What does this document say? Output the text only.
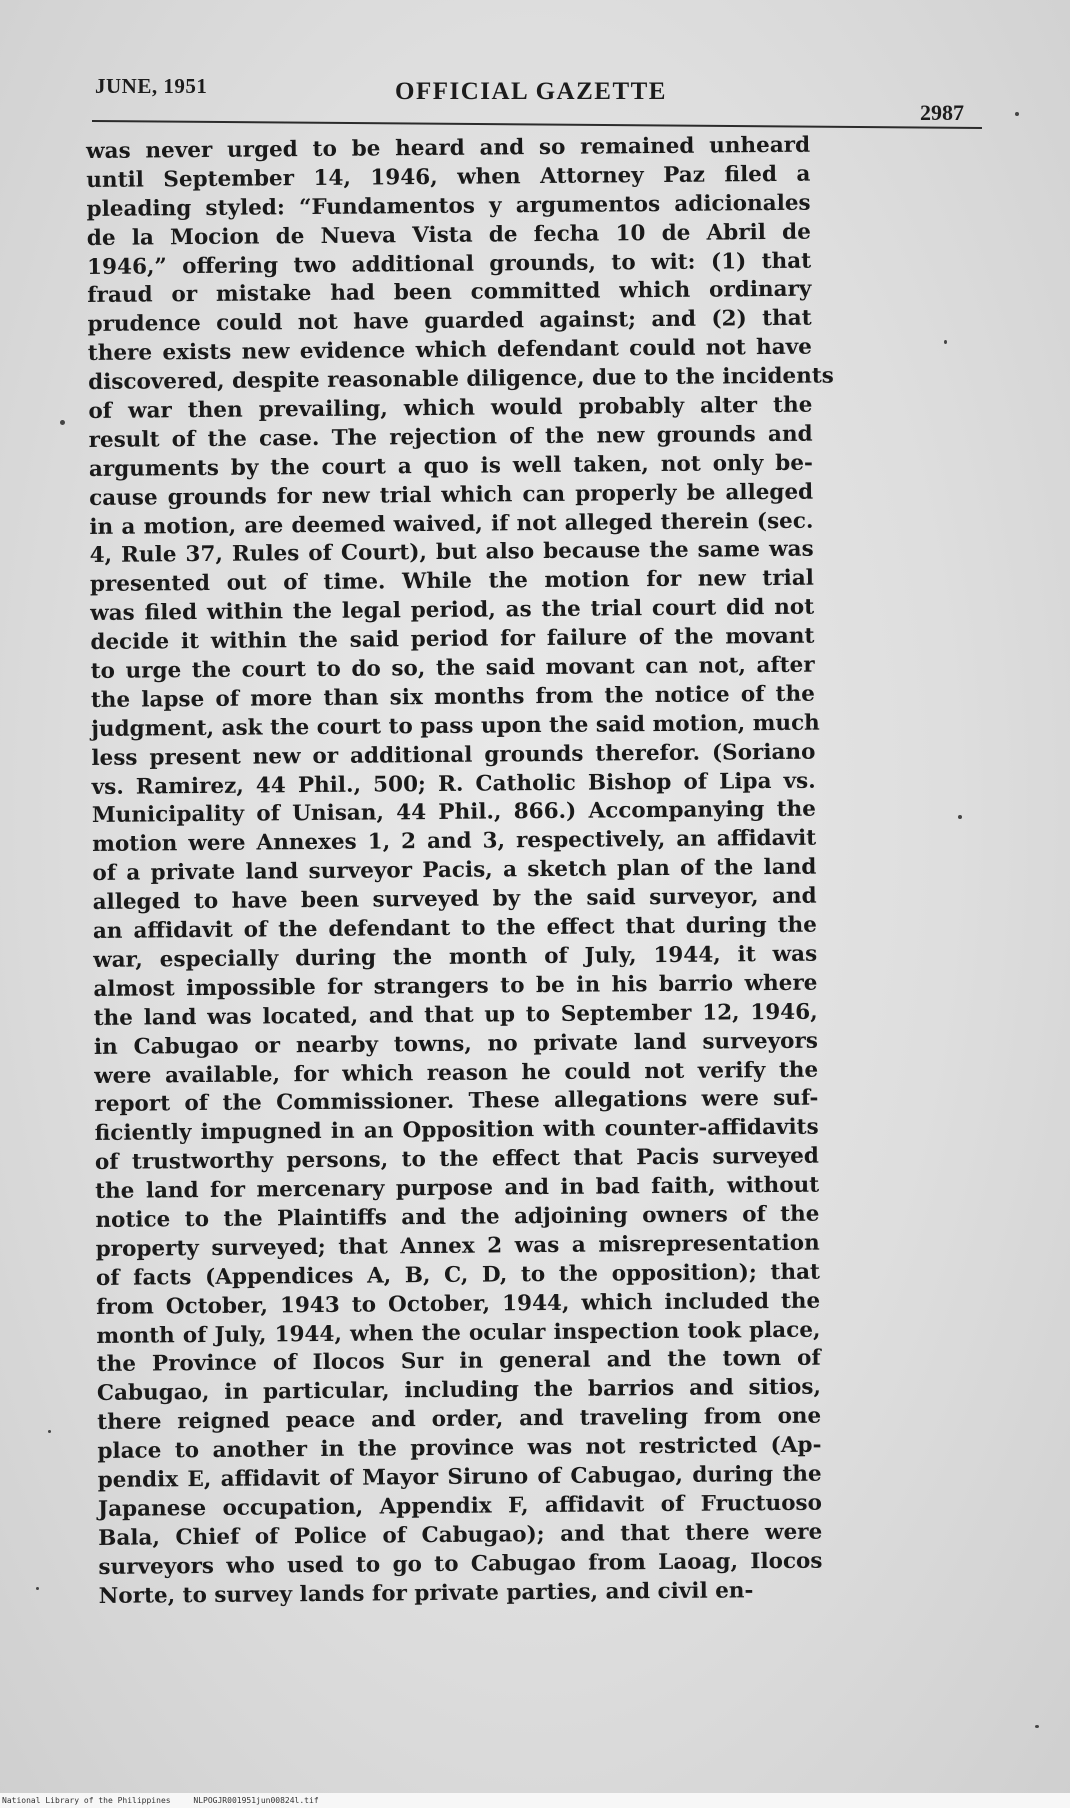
JUNE, 1951	OFFICIAL GAZETTE
2987
was never urged to be heard and so remained unheard
until September 14, 1946, when Attorney Paz filed a
pleading styled: “Fundamentos y argumentos adicionales
de la Mocion de Nueva Vista de fecha 10 de Abril de
1946,” offering two additional grounds, to wit: (1) that
fraud or mistake had been committed which ordinary
prudence could not have guarded against; and (2) that
there exists new evidence which defendant could not have
discovered, despite reasonable diligence, due to the incidents
of war then prevailing, which would probably alter the
result of the case. The rejection of the new grounds and
arguments by the court a quo is well taken, not only be-
cause grounds for new trial which can properly be alleged
in a motion, are deemed waived, if not alleged therein (sec.
4, Rule 37, Rules of Court), but also because the same was
presented out of time. While the motion for new trial
was filed within the legal period, as the trial court did not
decide it within the said period for failure of the movant
to urge the court to do so, the said movant can not, after
the lapse of more than six months from the notice of the
judgment, ask the court to pass upon the said motion, much
less present new or additional grounds therefor. (Soriano
vs. Ramirez, 44 Phil., 500; R. Catholic Bishop of Lipa vs.
Municipality of Unisan, 44 Phil., 866.) Accompanying the
motion were Annexes 1, 2 and 3, respectively, an affidavit
of a private land surveyor Pacis, a sketch plan of the land
alleged to have been surveyed by the said surveyor, and
an affidavit of the defendant to the effect that during the
war, especially during the month of July, 1944, it was
almost impossible for strangers to be in his barrio where
the land was located, and that up to September 12, 1946,
in Cabugao or nearby towns, no private land surveyors
were available, for which reason he could not verify the
report of the Commissioner. These allegations were suf-
ficiently impugned in an Opposition with counter-affidavits
of trustworthy persons, to the effect that Pacis surveyed
the land for mercenary purpose and in bad faith, without
notice to the Plaintiffs and the adjoining owners of the
property surveyed; that Annex 2 was a misrepresentation
of facts (Appendices A, B, C, D, to the opposition); that
from October, 1943 to October, 1944, which included the
month of July, 1944, when the ocular inspection took place,
the Province of Ilocos Sur in general and the town of
Cabugao, in particular, including the barrios and sitios,
there reigned peace and order, and traveling from one
place to another in the province was not restricted (Ap-
pendix E, affidavit of Mayor Siruno of Cabugao, during the
Japanese occupation, Appendix F, affidavit of Fructuoso
Bala, Chief of Police of Cabugao); and that there were
surveyors who used to go to Cabugao from Laoag, Ilocos
Norte, to survey lands for private parties, and civil en-
National Library of the Philippines	NLPOGJR001951jun00824l.tif
